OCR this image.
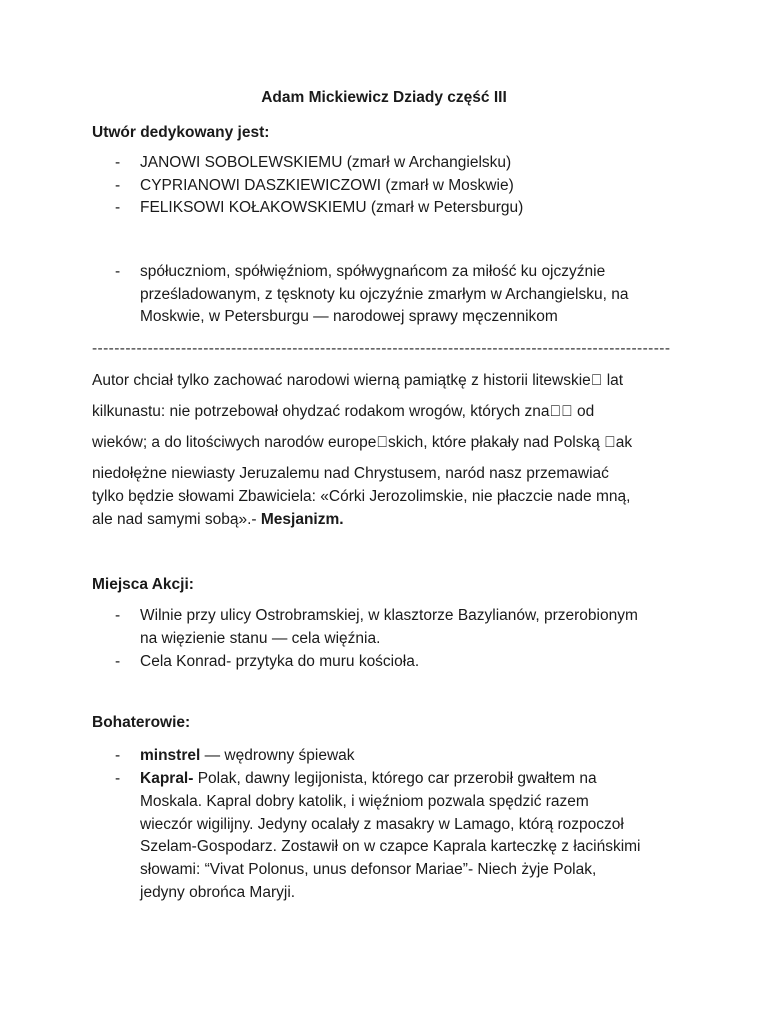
Adam Mickiewicz Dziady część III
Utwór dedykowany jest:
- JANOWI SOBOLEWSKIEMU (zmarł w Archangielsku)
- CYPRIANOWI DASZKIEWICZOWI (zmarł w Moskwie)
- FELIKSOWI KOŁAKOWSKIEMU (zmarł w Petersburgu)
- spółuczniom, spółwięźniom, spółwygnańcom za miłość ku ojczyźnie
prześladowanym, z tęsknoty ku ojczyźnie zmarłym w Archangielsku, na
Moskwie, w Petersburgu — narodowej sprawy męczennikom
--------------------------------------------------------------------------------------------------------
Autor chciał tylko zachować narodowi wierną pamiątkę z historii litewskie⃝ lat
kilkunastu: nie potrzebował ohydzać rodakom wrogów, których zna⃝⃝ od
wieków; a do litościwych narodów europe⃝skich, które płakały nad Polską ⃝ak
niedołężne niewiasty Jeruzalemu nad Chrystusem, naród nasz przemawiać
tylko będzie słowami Zbawiciela: «Córki Jerozolimskie, nie płaczcie nade mną,
ale nad samymi sobą».- Mesjanizm.
Miejsca Akcji:
- Wilnie przy ulicy Ostrobramskiej, w klasztorze Bazylianów, przerobionym
na więzienie stanu — cela więźnia.
- Cela Konrad- przytyka do muru kościoła.
Bohaterowie:
- minstrel — wędrowny śpiewak
- Kapral- Polak, dawny legijonista, którego car przerobił gwałtem na
Moskala. Kapral dobry katolik, i więźniom pozwala spędzić razem
wieczór wigilijny. Jedyny ocalały z masakry w Lamago, którą rozpoczoł
Szelam-Gospodarz. Zostawił on w czapce Kaprala karteczkę z łacińskimi
słowami: “Vivat Polonus, unus defonsor Mariae”- Niech żyje Polak,
jedyny obrońca Maryji.
